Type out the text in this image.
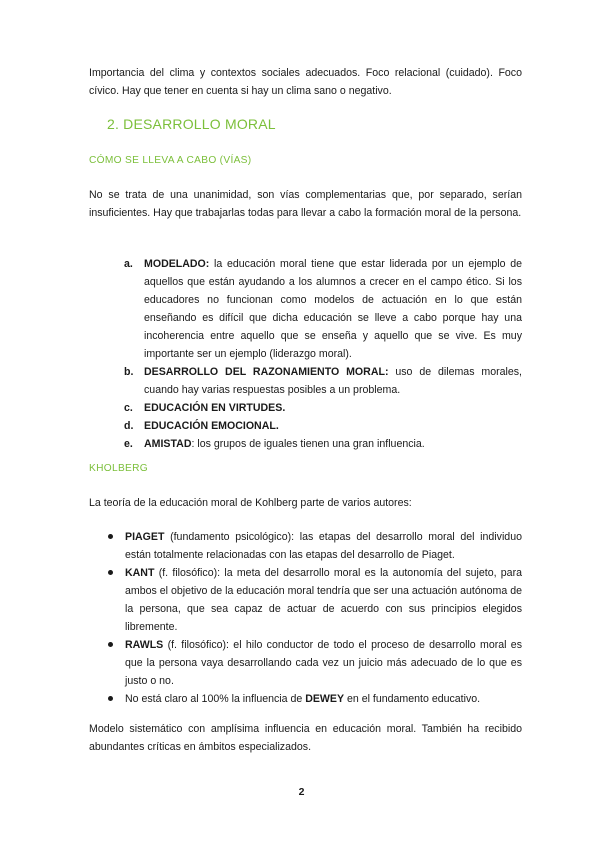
Importancia del clima y contextos sociales adecuados. Foco relacional (cuidado). Foco cívico. Hay que tener en cuenta si hay un clima sano o negativo.

2. DESARROLLO MORAL
CÓMO SE LLEVA A CABO (VÍAS)

No se trata de una unanimidad, son vías complementarias que, por separado, serían insuficientes. Hay que trabajarlas todas para llevar a cabo la formación moral de la persona.

a. MODELADO: la educación moral tiene que estar liderada por un ejemplo de aquellos que están ayudando a los alumnos a crecer en el campo ético. Si los educadores no funcionan como modelos de actuación en lo que están enseñando es difícil que dicha educación se lleve a cabo porque hay una incoherencia entre aquello que se enseña y aquello que se vive. Es muy importante ser un ejemplo (liderazgo moral).
b. DESARROLLO DEL RAZONAMIENTO MORAL: uso de dilemas morales, cuando hay varias respuestas posibles a un problema.
c. EDUCACIÓN EN VIRTUDES.
d. EDUCACIÓN EMOCIONAL.
e. AMISTAD: los grupos de iguales tienen una gran influencia.
KHOLBERG

La teoría de la educación moral de Kohlberg parte de varios autores:

PIAGET (fundamento psicológico): las etapas del desarrollo moral del individuo están totalmente relacionadas con las etapas del desarrollo de Piaget.
KANT (f. filosófico): la meta del desarrollo moral es la autonomía del sujeto, para ambos el objetivo de la educación moral tendría que ser una actuación autónoma de la persona, que sea capaz de actuar de acuerdo con sus principios elegidos libremente.
RAWLS (f. filosófico): el hilo conductor de todo el proceso de desarrollo moral es que la persona vaya desarrollando cada vez un juicio más adecuado de lo que es justo o no.
No está claro al 100% la influencia de DEWEY en el fundamento educativo.

Modelo sistemático con amplísima influencia en educación moral. También ha recibido abundantes críticas en ámbitos especializados.

2
